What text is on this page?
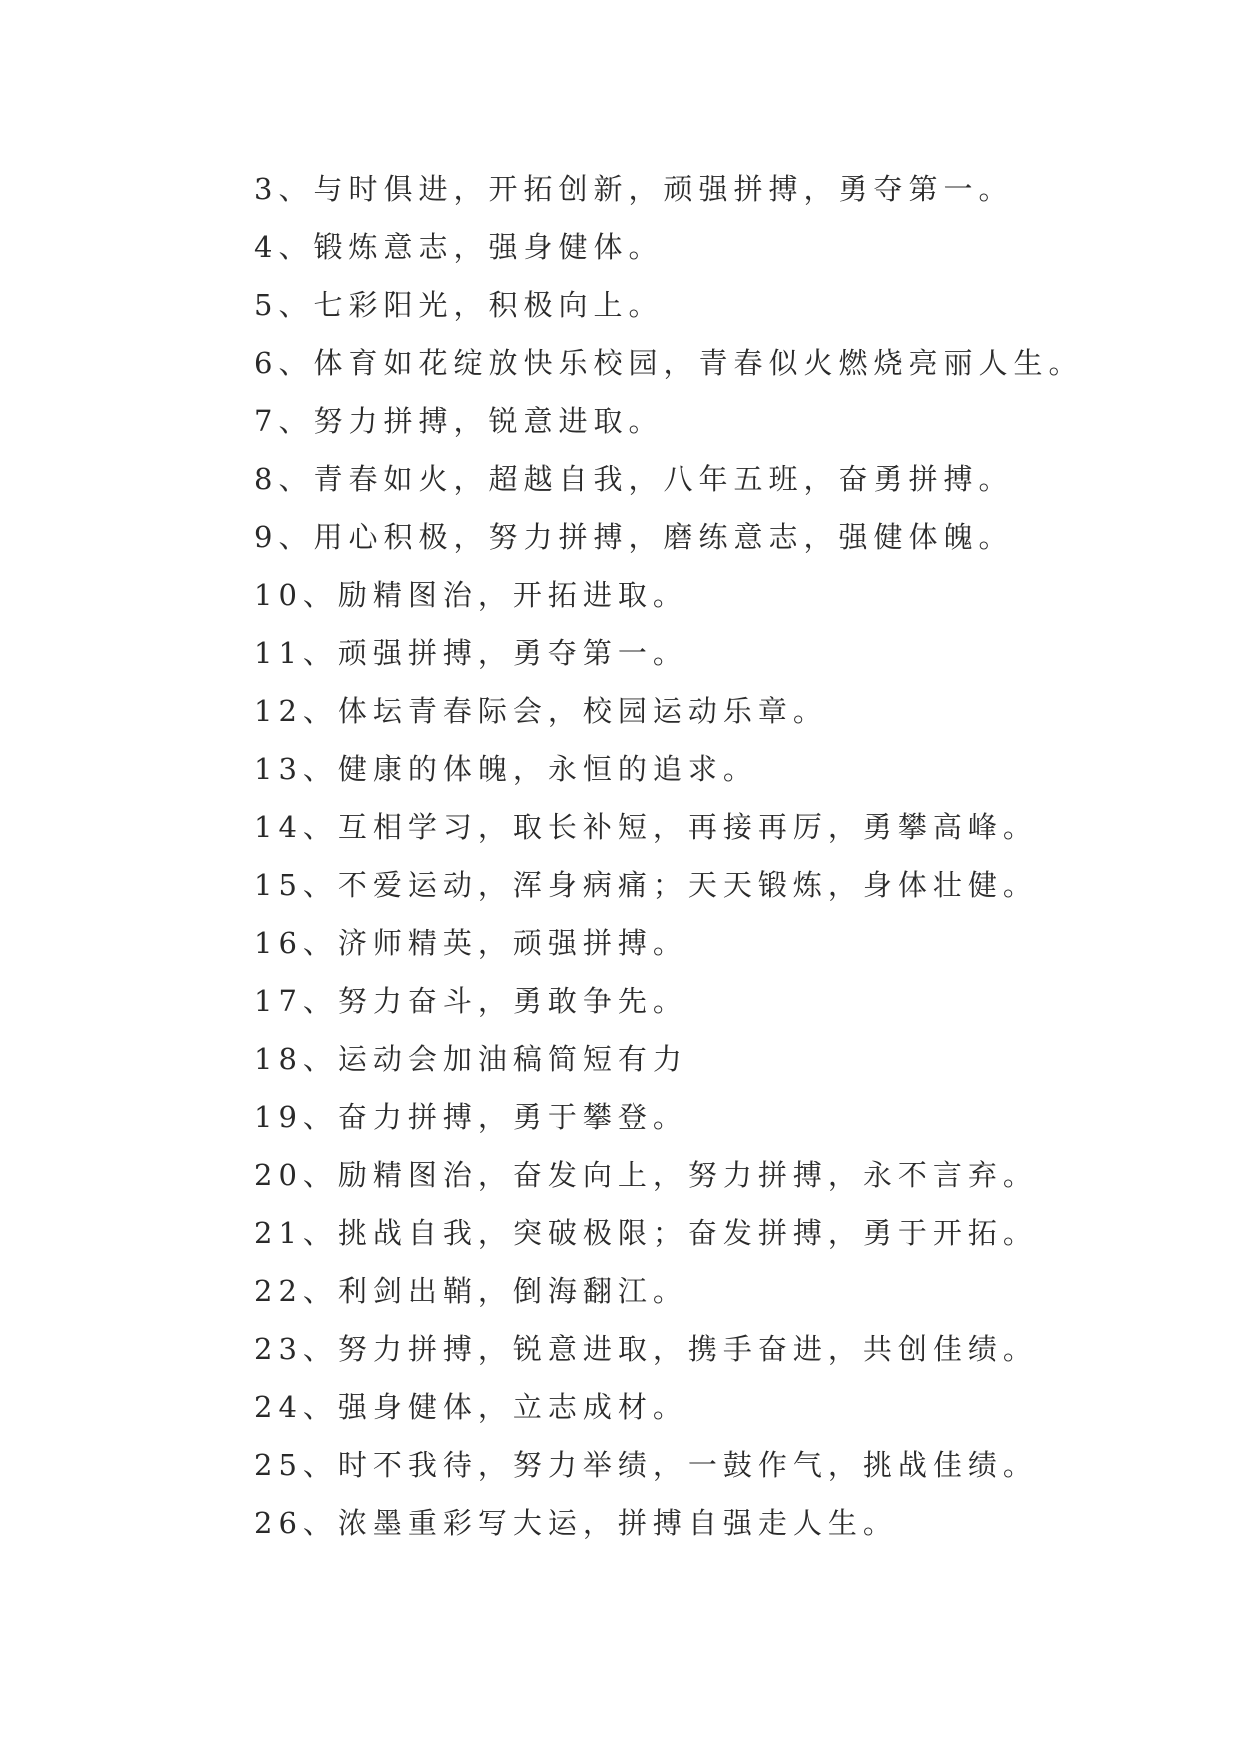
3、与时俱进，开拓创新，顽强拼搏，勇夺第一。
4、锻炼意志，强身健体。
5、七彩阳光，积极向上。
6、体育如花绽放快乐校园，青春似火燃烧亮丽人生。
7、努力拼搏，锐意进取。
8、青春如火，超越自我，八年五班，奋勇拼搏。
9、用心积极，努力拼搏，磨练意志，强健体魄。
10、励精图治，开拓进取。
11、顽强拼搏，勇夺第一。
12、体坛青春际会，校园运动乐章。
13、健康的体魄，永恒的追求。
14、互相学习，取长补短，再接再厉，勇攀高峰。
15、不爱运动，浑身病痛；天天锻炼，身体壮健。
16、济师精英，顽强拼搏。
17、努力奋斗，勇敢争先。
18、运动会加油稿简短有力
19、奋力拼搏，勇于攀登。
20、励精图治，奋发向上，努力拼搏，永不言弃。
21、挑战自我，突破极限；奋发拼搏，勇于开拓。
22、利剑出鞘，倒海翻江。
23、努力拼搏，锐意进取，携手奋进，共创佳绩。
24、强身健体，立志成材。
25、时不我待，努力举绩，一鼓作气，挑战佳绩。
26、浓墨重彩写大运，拼搏自强走人生。
